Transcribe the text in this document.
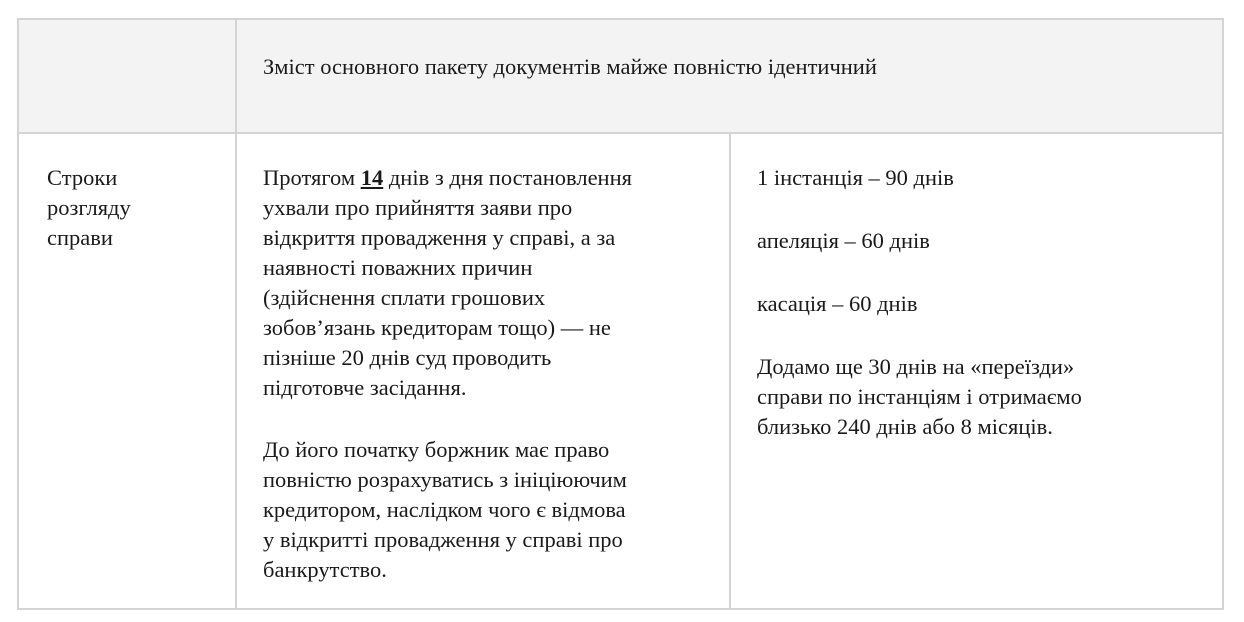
Зміст основного пакету документів майже повністю ідентичний
Строки
розгляду
справи
Протягом 14 днів з дня постановлення
ухвали про прийняття заяви про
відкриття провадження у справі, а за
наявності поважних причин
(здійснення сплати грошових
зобов’язань кредиторам тощо) — не
пізніше 20 днів суд проводить
підготовче засідання.
До його початку боржник має право
повністю розрахуватись з ініціюючим
кредитором, наслідком чого є відмова
у відкритті провадження у справі про
банкрутство.
1 інстанція – 90 днів
апеляція – 60 днів
касація – 60 днів
Додамо ще 30 днів на «переїзди»
справи по інстанціям і отримаємо
близько 240 днів або 8 місяців.
